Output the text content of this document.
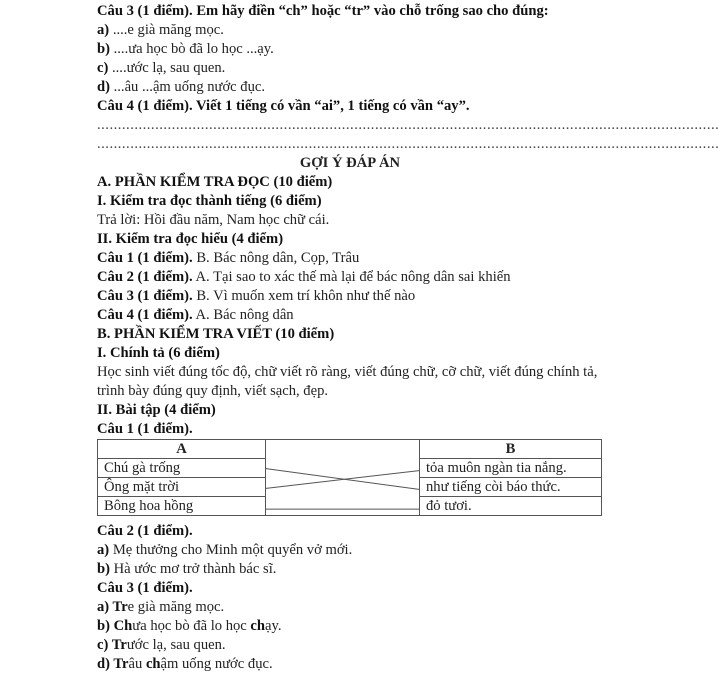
Câu 3 (1 điểm). Em hãy điền “ch” hoặc “tr” vào chỗ trống sao cho đúng:
a) ....e già măng mọc.
b) ....ưa học bò đã lo học ...ạy.
c) ....ước lạ, sau quen.
d) ...âu ...ậm uống nước đục.
Câu 4 (1 điểm). Viết 1 tiếng có vần “ai”, 1 tiếng có vần “ay”.
......................................................................................................................................................
......................................................................................................................................................
GỢI Ý ĐÁP ÁN
A. PHẦN KIỂM TRA ĐỌC (10 điểm)
I. Kiểm tra đọc thành tiếng (6 điểm)
Trả lời: Hồi đầu năm, Nam học chữ cái.
II. Kiểm tra đọc hiểu (4 điểm)
Câu 1 (1 điểm). B. Bác nông dân, Cọp, Trâu
Câu 2 (1 điểm). A. Tại sao to xác thế mà lại để bác nông dân sai khiến
Câu 3 (1 điểm). B. Vì muốn xem trí khôn như thế nào
Câu 4 (1 điểm). A. Bác nông dân
B. PHẦN KIỂM TRA VIẾT (10 điểm)
I. Chính tả (6 điểm)
Học sinh viết đúng tốc độ, chữ viết rõ ràng, viết đúng chữ, cỡ chữ, viết đúng chính tả, trình bày đúng quy định, viết sạch, đẹp.
II. Bài tập (4 điểm)
Câu 1 (1 điểm).
A		B
Chú gà trống		tỏa muôn ngàn tia nắng.
Ông mặt trời		như tiếng còi báo thức.
Bông hoa hồng		đỏ tươi.
Câu 2 (1 điểm).
a) Mẹ thưởng cho Minh một quyển vở mới.
b) Hà ước mơ trở thành bác sĩ.
Câu 3 (1 điểm).
a) Tre già măng mọc.
b) Chưa học bò đã lo học chạy.
c) Trước lạ, sau quen.
d) Trâu chậm uống nước đục.
